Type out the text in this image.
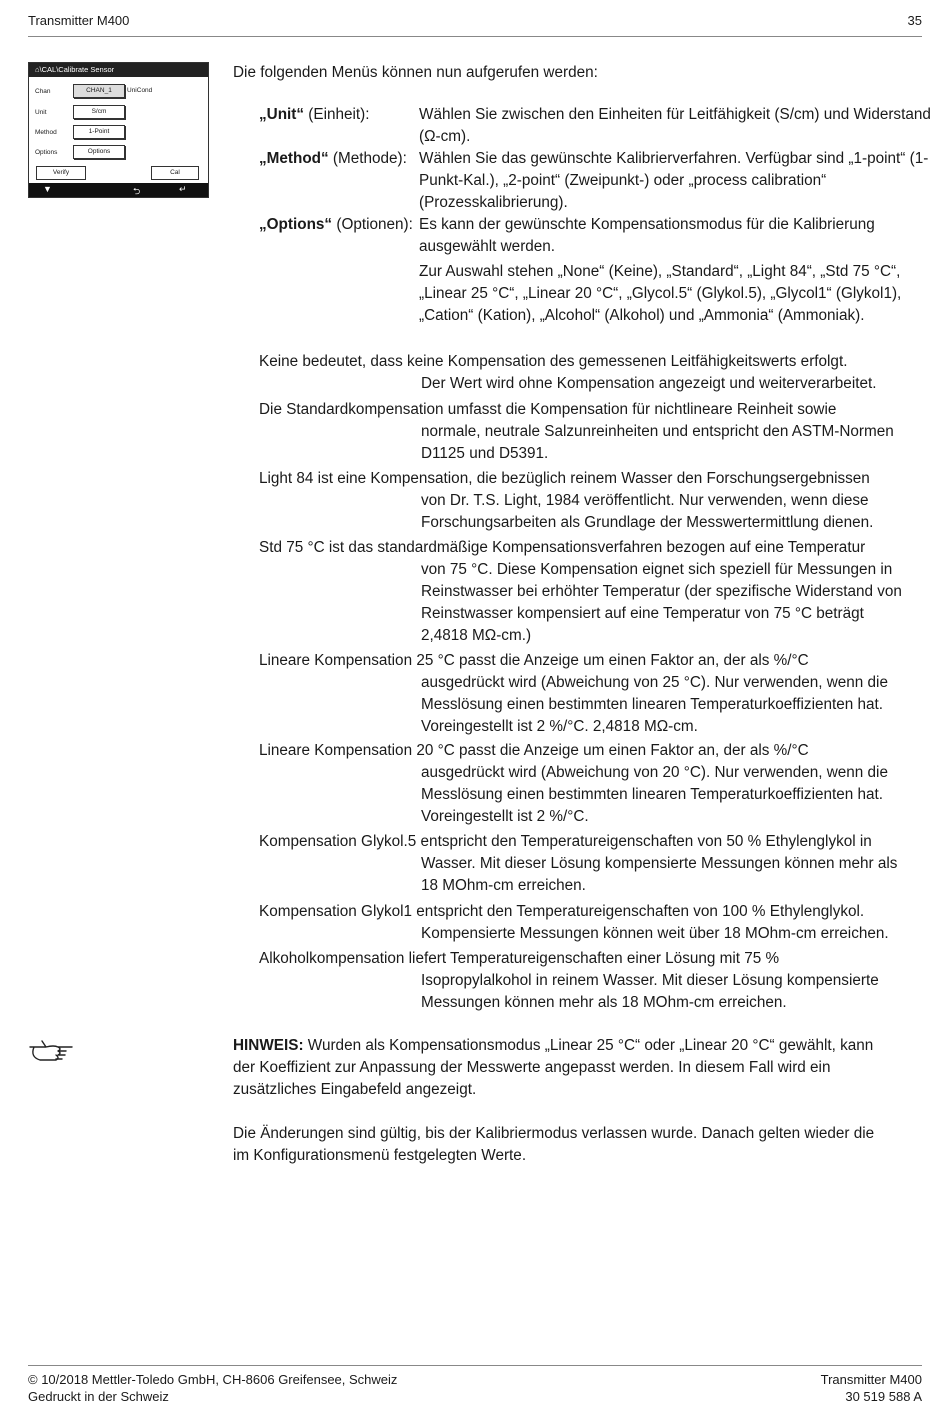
Transmitter M400	35
⌂\CAL\Calibrate Sensor
Chan	CHAN_1	UniCond
Unit	S/cm
Method	1-Point
Options	Options
Verify	Cal
▼	⮌	↵
Die folgenden Menüs können nun aufgerufen werden:
„Unit“ (Einheit):	Wählen Sie zwischen den Einheiten für Leitfähigkeit (S/cm) und Widerstand (Ω-cm).
„Method“ (Methode): Wählen Sie das gewünschte Kalibrierverfahren. Verfügbar sind „1-point“ (1-Punkt-Kal.), „2-point“ (Zweipunkt-) oder „process calibration“ (Prozesskalibrierung).
„Options“ (Optionen): Es kann der gewünschte Kompensationsmodus für die Kalibrierung ausgewählt werden.
Zur Auswahl stehen „None“ (Keine), „Standard“, „Light 84“, „Std 75 °C“, „Linear 25 °C“, „Linear 20 °C“, „Glycol.5“ (Glykol.5), „Glycol1“ (Glykol1), „Cation“ (Kation), „Alcohol“ (Alkohol) und „Ammonia“ (Ammoniak).
Keine bedeutet, dass keine Kompensation des gemessenen Leitfähigkeitswerts erfolgt.
Der Wert wird ohne Kompensation angezeigt und weiterverarbeitet.
Die Standardkompensation umfasst die Kompensation für nichtlineare Reinheit sowie
normale, neutrale Salzunreinheiten und entspricht den ASTM-Normen
D1125 und D5391.
Light 84 ist eine Kompensation, die bezüglich reinem Wasser den Forschungsergebnissen
von Dr. T.S. Light, 1984 veröffentlicht. Nur verwenden, wenn diese
Forschungsarbeiten als Grundlage der Messwertermittlung dienen.
Std 75 °C ist das standardmäßige Kompensationsverfahren bezogen auf eine Temperatur
von 75 °C. Diese Kompensation eignet sich speziell für Messungen in
Reinstwasser bei erhöhter Temperatur (der spezifische Widerstand von
Reinstwasser kompensiert auf eine Temperatur von 75 °C beträgt
2,4818 MΩ-cm.)
Lineare Kompensation 25 °C passt die Anzeige um einen Faktor an, der als %/°C
ausgedrückt wird (Abweichung von 25 °C). Nur verwenden, wenn die
Messlösung einen bestimmten linearen Temperaturkoeffizienten hat.
Voreingestellt ist 2 %/°C. 2,4818 MΩ-cm.
Lineare Kompensation 20 °C passt die Anzeige um einen Faktor an, der als %/°C
ausgedrückt wird (Abweichung von 20 °C). Nur verwenden, wenn die
Messlösung einen bestimmten linearen Temperaturkoeffizienten hat.
Voreingestellt ist 2 %/°C.
Kompensation Glykol.5 entspricht den Temperatureigenschaften von 50 % Ethylenglykol in
Wasser. Mit dieser Lösung kompensierte Messungen können mehr als
18 MOhm-cm erreichen.
Kompensation Glykol1 entspricht den Temperatureigenschaften von 100 % Ethylenglykol.
Kompensierte Messungen können weit über 18 MOhm-cm erreichen.
Alkoholkompensation liefert Temperatureigenschaften einer Lösung mit 75 %
Isopropylalkohol in reinem Wasser. Mit dieser Lösung kompensierte
Messungen können mehr als 18 MOhm-cm erreichen.
HINWEIS: Wurden als Kompensationsmodus „Linear 25 °C“ oder „Linear 20 °C“ gewählt, kann der Koeffizient zur Anpassung der Messwerte angepasst werden. In diesem Fall wird ein zusätzliches Eingabefeld angezeigt.
Die Änderungen sind gültig, bis der Kalibriermodus verlassen wurde. Danach gelten wieder die im Konfigurationsmenü festgelegten Werte.
© 10/2018 Mettler-Toledo GmbH, CH-8606 Greifensee, Schweiz
Gedruckt in der Schweiz
Transmitter M400
30 519 588 A
